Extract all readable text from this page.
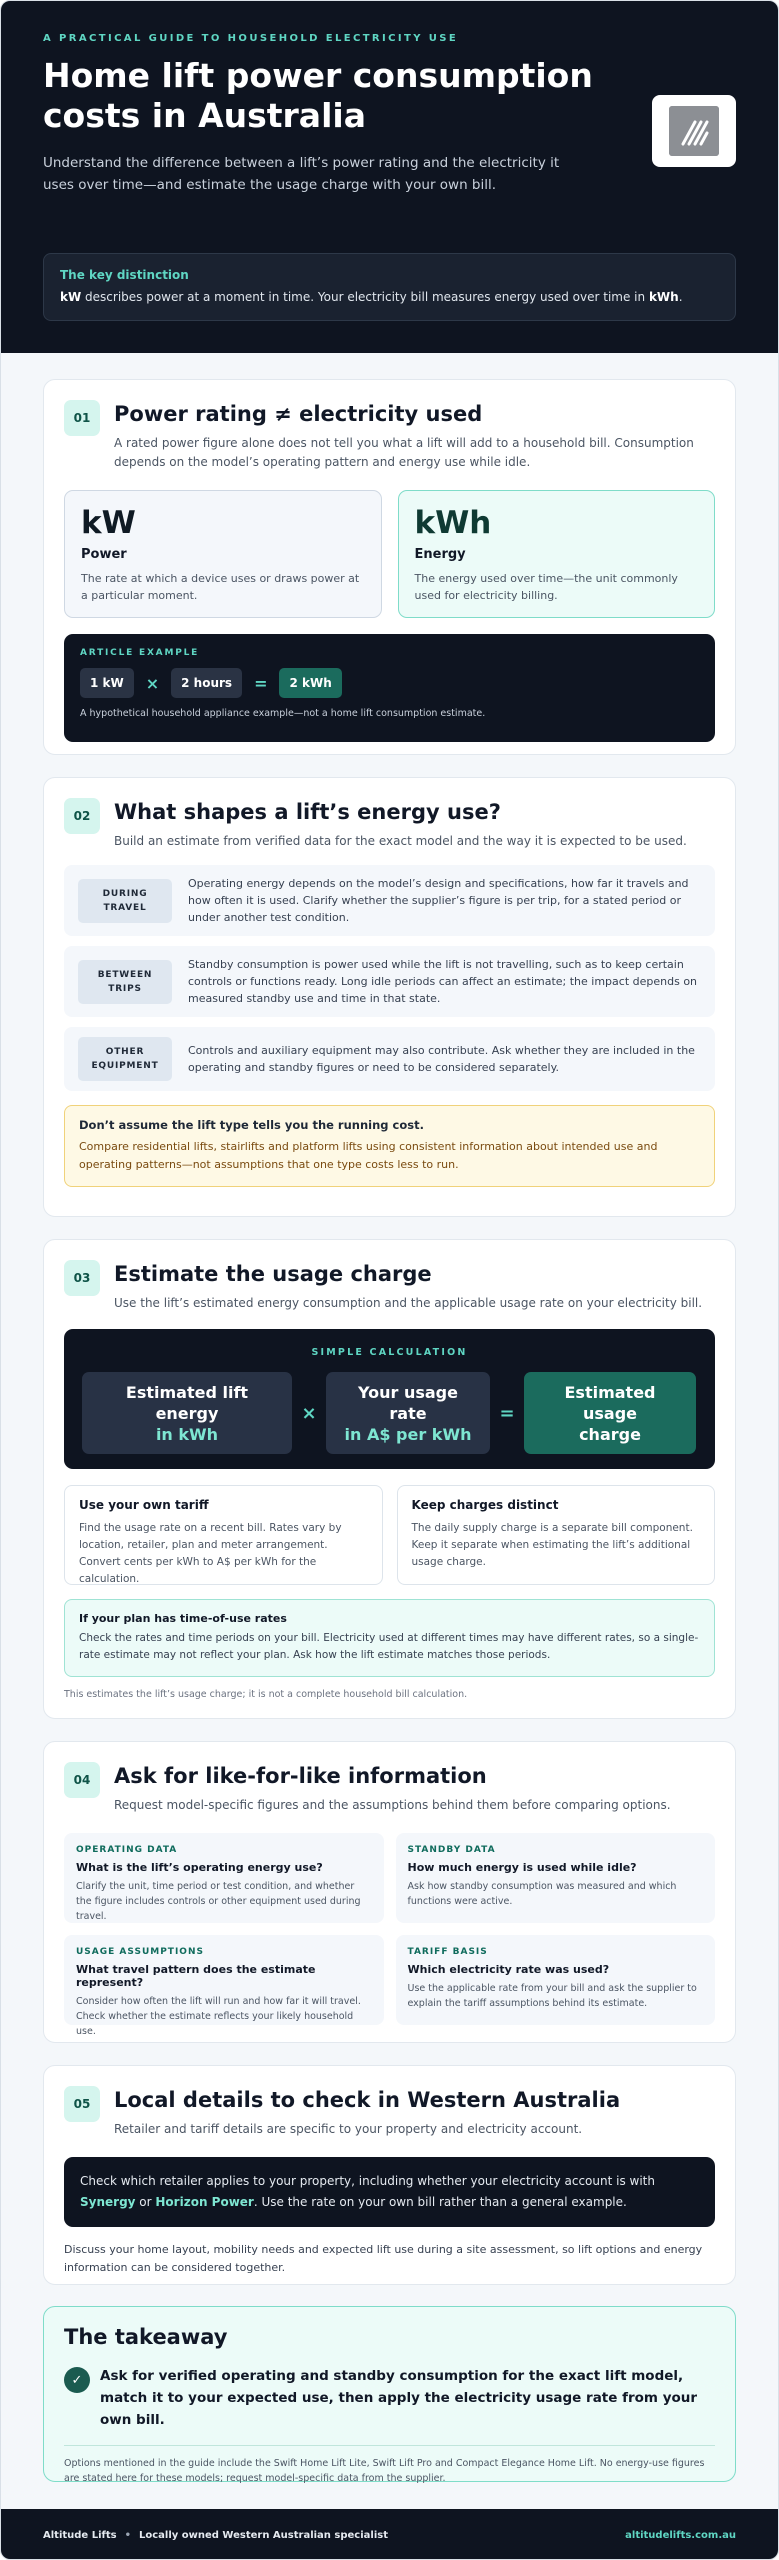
A PRACTICAL GUIDE TO HOUSEHOLD ELECTRICITY USE
Home lift power consumption costs in Australia

Understand the difference between a lift’s power rating and the electricity it uses over time—and estimate the usage charge with your own bill.

The key distinction
kW describes power at a moment in time. Your electricity bill measures energy used over time in kWh.
01	Power rating ≠ electricity used
A rated power figure alone does not tell you what a lift will add to a household bill. Consumption depends on the model’s operating pattern and energy use while idle.
kW
Power
The rate at which a device uses or draws power at a particular moment.
kWh
Energy
The energy used over time—the unit commonly used for electricity billing.
ARTICLE EXAMPLE
1 kW	×	2 hours	=	2 kWh
A hypothetical household appliance example—not a home lift consumption estimate.
02	What shapes a lift’s energy use?
Build an estimate from verified data for the exact model and the way it is expected to be used.
DURING
TRAVEL
Operating energy depends on the model’s design and specifications, how far it travels and how often it is used. Clarify whether the supplier’s figure is per trip, for a stated period or under another test condition.
BETWEEN
TRIPS
Standby consumption is power used while the lift is not travelling, such as to keep certain controls or functions ready. Long idle periods can affect an estimate; the impact depends on measured standby use and time in that state.
OTHER
EQUIPMENT
Controls and auxiliary equipment may also contribute. Ask whether they are included in the operating and standby figures or need to be considered separately.
Don’t assume the lift type tells you the running cost.
Compare residential lifts, stairlifts and platform lifts using consistent information about intended use and operating patterns—not assumptions that one type costs less to run.
03	Estimate the usage charge
Use the lift’s estimated energy consumption and the applicable usage rate on your electricity bill.
SIMPLE CALCULATION
Estimated lift
energy
in kWh
×
Your usage
rate
in A$ per kWh
=
Estimated
usage
charge
Use your own tariff
Find the usage rate on a recent bill. Rates vary by location, retailer, plan and meter arrangement. Convert cents per kWh to A$ per kWh for the calculation.
Keep charges distinct
The daily supply charge is a separate bill component. Keep it separate when estimating the lift’s additional usage charge.
If your plan has time-of-use rates
Check the rates and time periods on your bill. Electricity used at different times may have different rates, so a single-rate estimate may not reflect your plan. Ask how the lift estimate matches those periods.
This estimates the lift’s usage charge; it is not a complete household bill calculation.
04	Ask for like-for-like information
Request model-specific figures and the assumptions behind them before comparing options.
OPERATING DATA
What is the lift’s operating energy use?
Clarify the unit, time period or test condition, and whether the figure includes controls or other equipment used during travel.
STANDBY DATA
How much energy is used while idle?
Ask how standby consumption was measured and which functions were active.
USAGE ASSUMPTIONS
What travel pattern does the estimate represent?
Consider how often the lift will run and how far it will travel. Check whether the estimate reflects your likely household use.
TARIFF BASIS
Which electricity rate was used?
Use the applicable rate from your bill and ask the supplier to explain the tariff assumptions behind its estimate.
05	Local details to check in Western Australia
Retailer and tariff details are specific to your property and electricity account.

Check which retailer applies to your property, including whether your electricity account is with Synergy or Horizon Power. Use the rate on your own bill rather than a general example.

Discuss your home layout, mobility needs and expected lift use during a site assessment, so lift options and energy information can be considered together.
The takeaway
✓	Ask for verified operating and standby consumption for the exact lift model, match it to your expected use, then apply the electricity usage rate from your own bill.
Options mentioned in the guide include the Swift Home Lift Lite, Swift Lift Pro and Compact Elegance Home Lift. No energy-use figures are stated here for these models; request model-specific data from the supplier.
Altitude Lifts • Locally owned Western Australian specialist	altitudelifts.com.au
